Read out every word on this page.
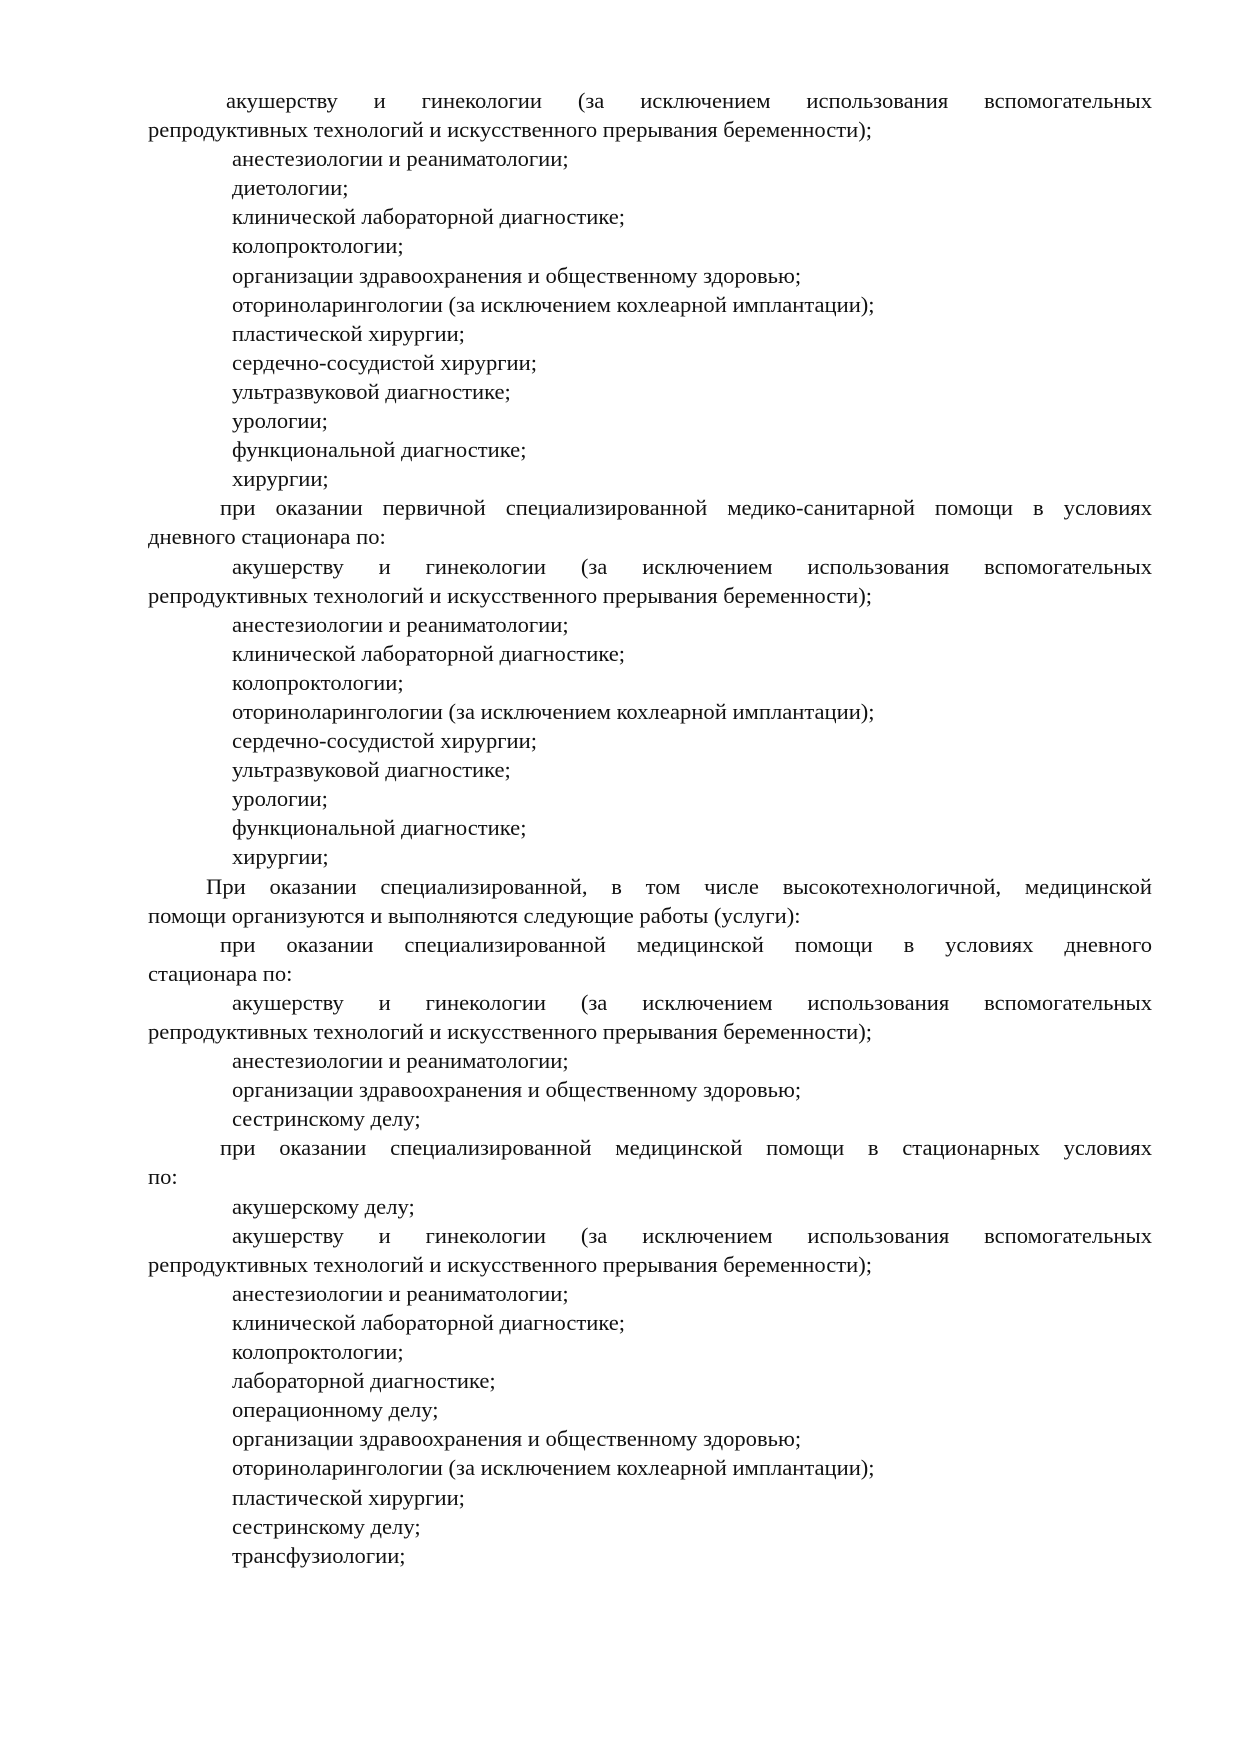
акушерству и гинекологии (за исключением использования вспомогательных
репродуктивных технологий и искусственного прерывания беременности);
анестезиологии и реаниматологии;
диетологии;
клинической лабораторной диагностике;
колопроктологии;
организации здравоохранения и общественному здоровью;
оториноларингологии (за исключением кохлеарной имплантации);
пластической хирургии;
сердечно-сосудистой хирургии;
ультразвуковой диагностике;
урологии;
функциональной диагностике;
хирургии;
при оказании первичной специализированной медико-санитарной помощи в условиях
дневного стационара по:
акушерству и гинекологии (за исключением использования вспомогательных
репродуктивных технологий и искусственного прерывания беременности);
анестезиологии и реаниматологии;
клинической лабораторной диагностике;
колопроктологии;
оториноларингологии (за исключением кохлеарной имплантации);
сердечно-сосудистой хирургии;
ультразвуковой диагностике;
урологии;
функциональной диагностике;
хирургии;
При оказании специализированной, в том числе высокотехнологичной, медицинской
помощи организуются и выполняются следующие работы (услуги):
при оказании специализированной медицинской помощи в условиях дневного
стационара по:
акушерству и гинекологии (за исключением использования вспомогательных
репродуктивных технологий и искусственного прерывания беременности);
анестезиологии и реаниматологии;
организации здравоохранения и общественному здоровью;
сестринскому делу;
при оказании специализированной медицинской помощи в стационарных условиях
по:
акушерскому делу;
акушерству и гинекологии (за исключением использования вспомогательных
репродуктивных технологий и искусственного прерывания беременности);
анестезиологии и реаниматологии;
клинической лабораторной диагностике;
колопроктологии;
лабораторной диагностике;
операционному делу;
организации здравоохранения и общественному здоровью;
оториноларингологии (за исключением кохлеарной имплантации);
пластической хирургии;
сестринскому делу;
трансфузиологии;
